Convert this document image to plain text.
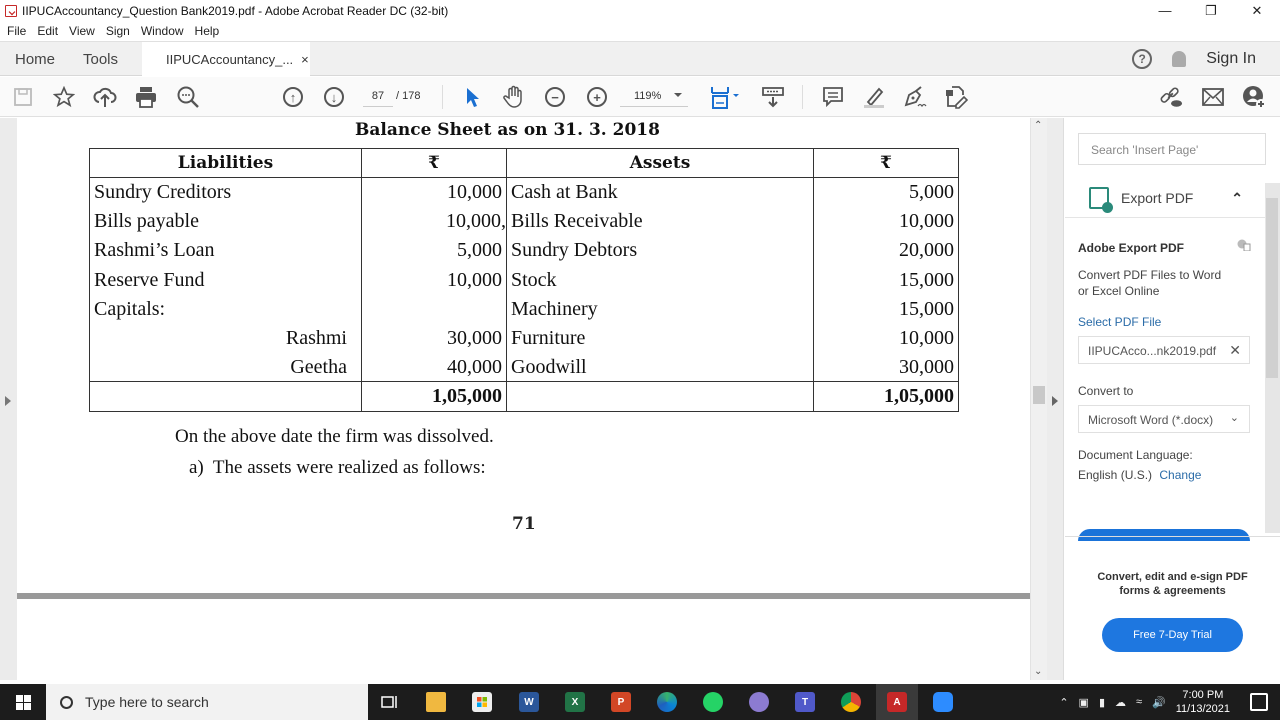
IIPUCAccountancy_Question Bank2019.pdf - Adobe Acrobat Reader DC (32-bit)	—	❐	✕
File Edit View Sign Window Help
Home Tools	IIPUCAccountancy_... ×	?	Sign In
↑	↓	87	/ 178	−	+	119%
Balance Sheet as on 31. 3. 2018
Liabilities	₹	Assets	₹
Sundry Creditors	10,000	Cash at Bank	5,000
Bills payable	10,000,	Bills Receivable	10,000
Rashmi’s Loan	5,000	Sundry Debtors	20,000
Reserve Fund	10,000	Stock	15,000
Capitals:		Machinery	15,000
Rashmi	30,000	Furniture	10,000
Geetha	40,000	Goodwill	30,000
	1,05,000		1,05,000
On the above date the firm was dissolved.
a)  The assets were realized as follows:
71
⌃
⌄
Search 'Insert Page'
Export PDF	⌃
Adobe Export PDF
Convert PDF Files to Word
or Excel Online
Select PDF File
IIPUCAcco...nk2019.pdf ✕
Convert to
Microsoft Word (*.docx) ⌄
Document Language:
English (U.S.) Change
Convert, edit and e-sign PDF
forms & agreements
Free 7-Day Trial
Type here to search	W	X	P	T	A	⌃ ▣ ▮ ☁ ≈ 🔊
7:00 PM
11/13/2021
